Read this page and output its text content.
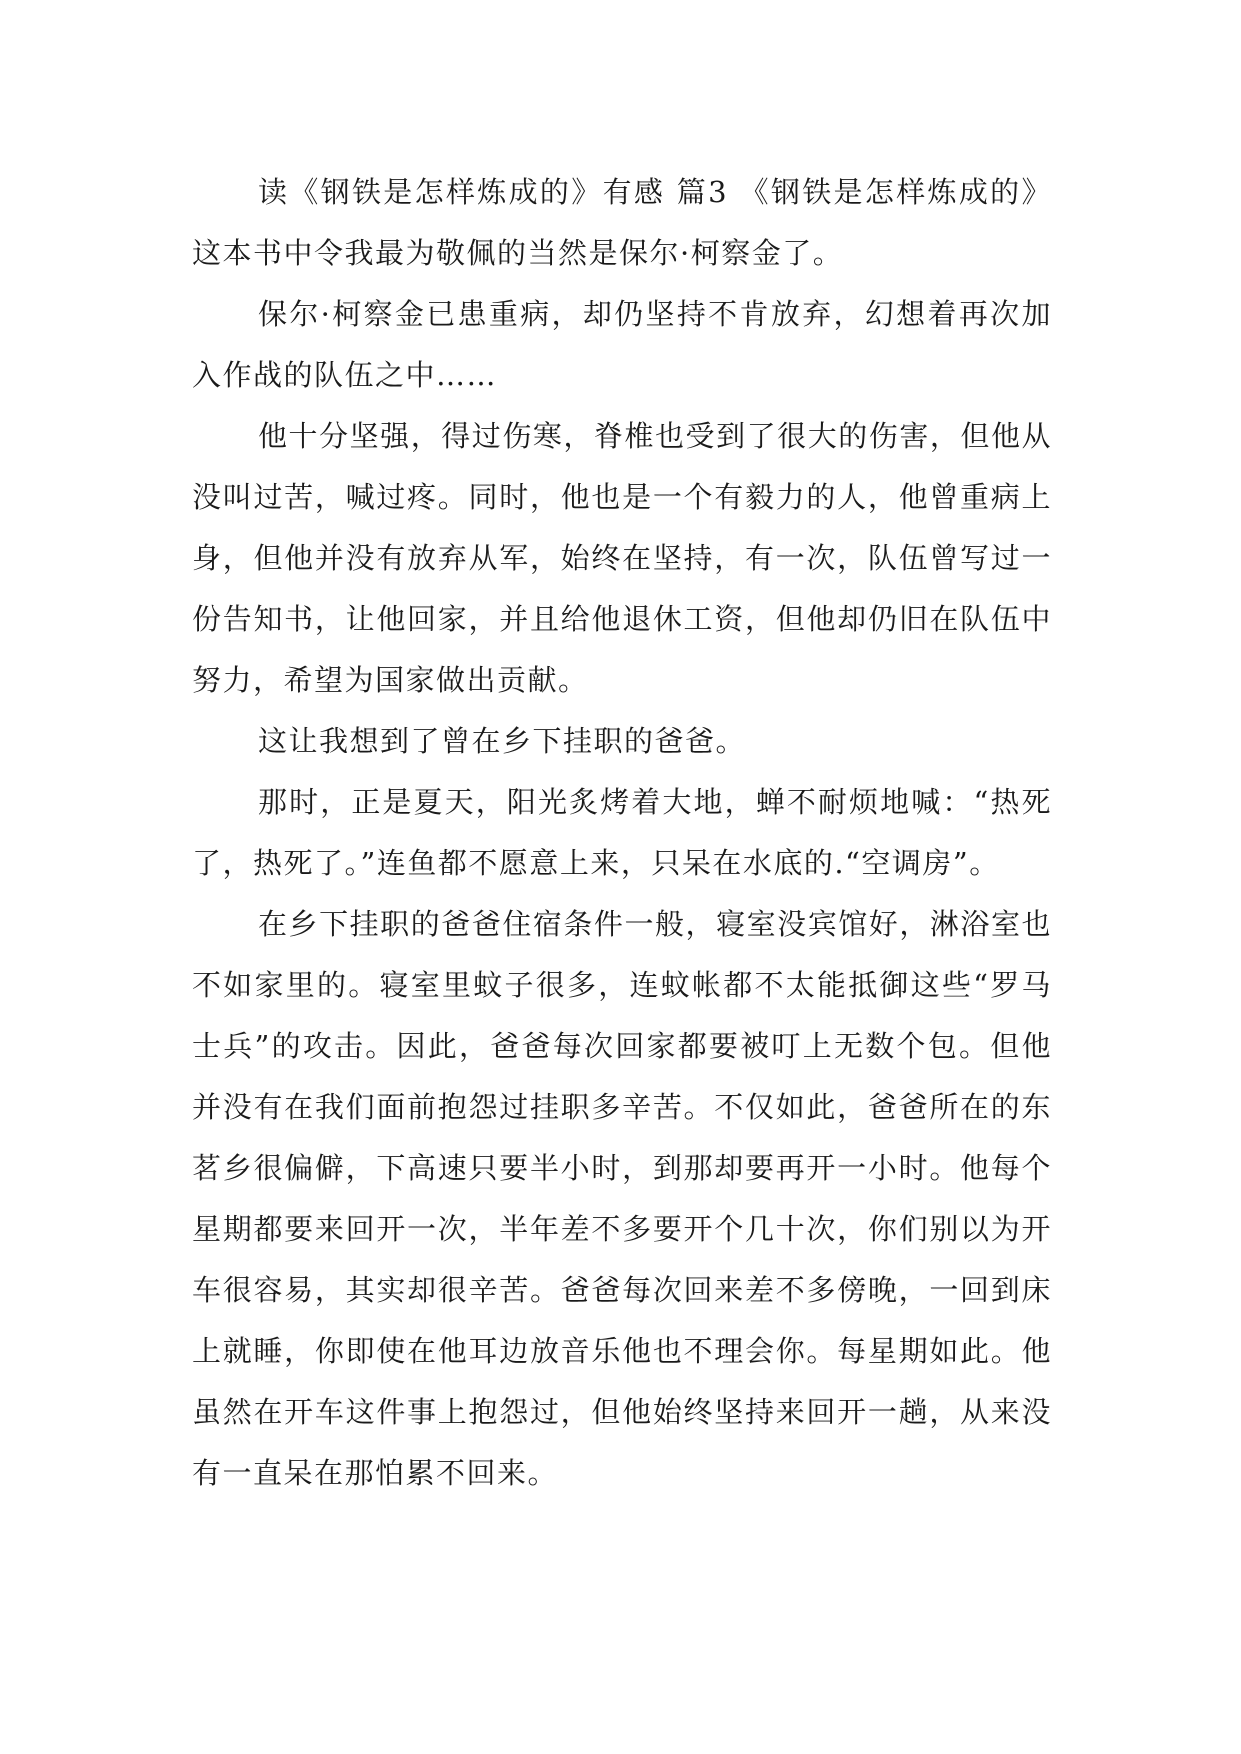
读《钢铁是怎样炼成的》有感 篇3 《钢铁是怎样炼成的》这本书中令我最为敬佩的当然是保尔·柯察金了。

保尔·柯察金已患重病，却仍坚持不肯放弃，幻想着再次加入作战的队伍之中……

他十分坚强，得过伤寒，脊椎也受到了很大的伤害，但他从没叫过苦，喊过疼。同时，他也是一个有毅力的人，他曾重病上身，但他并没有放弃从军，始终在坚持，有一次，队伍曾写过一份告知书，让他回家，并且给他退休工资，但他却仍旧在队伍中努力，希望为国家做出贡献。

这让我想到了曾在乡下挂职的爸爸。

那时，正是夏天，阳光炙烤着大地，蝉不耐烦地喊：“热死了，热死了。”连鱼都不愿意上来，只呆在水底的.“空调房”。

在乡下挂职的爸爸住宿条件一般，寝室没宾馆好，淋浴室也不如家里的。寝室里蚊子很多，连蚊帐都不太能抵御这些“罗马士兵”的攻击。因此，爸爸每次回家都要被叮上无数个包。但他并没有在我们面前抱怨过挂职多辛苦。不仅如此，爸爸所在的东茗乡很偏僻，下高速只要半小时，到那却要再开一小时。他每个星期都要来回开一次，半年差不多要开个几十次，你们别以为开车很容易，其实却很辛苦。爸爸每次回来差不多傍晚，一回到床上就睡，你即使在他耳边放音乐他也不理会你。每星期如此。他虽然在开车这件事上抱怨过，但他始终坚持来回开一趟，从来没有一直呆在那怕累不回来。
